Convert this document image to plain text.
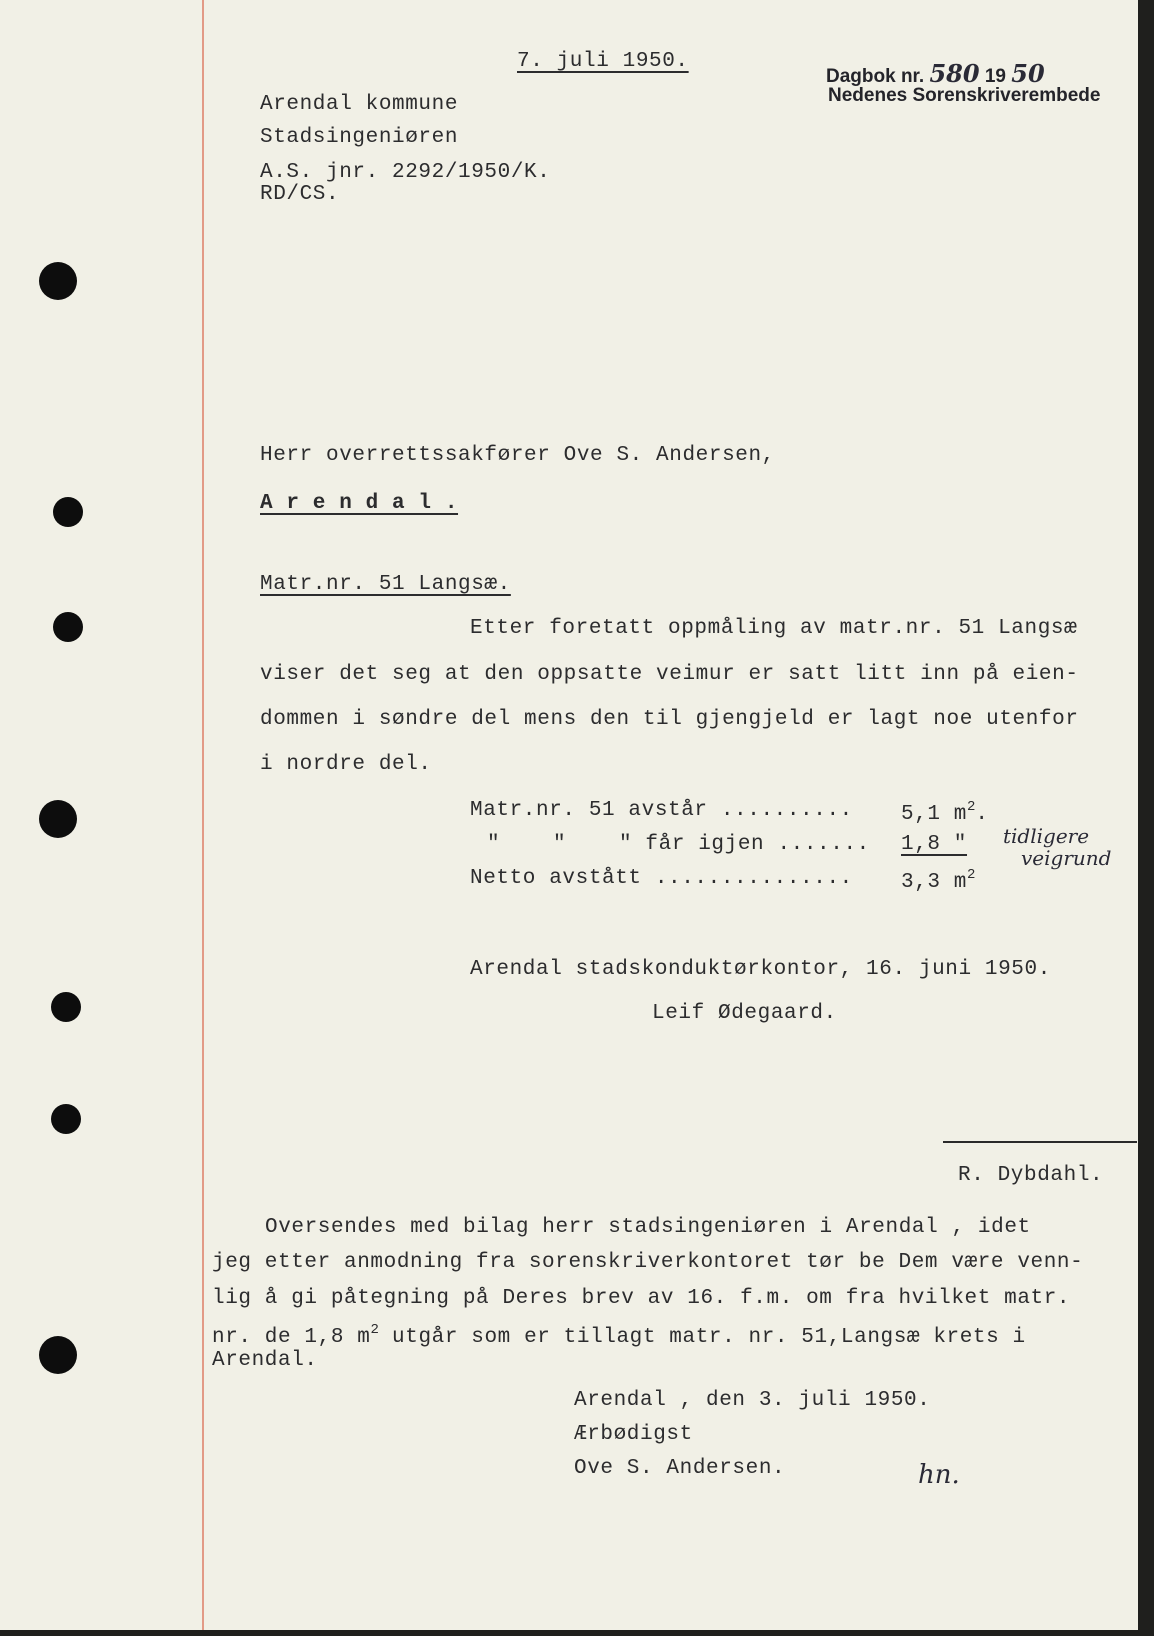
7. juli 1950.
Arendal kommune
Stadsingeniøren
A.S. jnr. 2292/1950/K.
RD/CS.
Dagbok nr. 580 19 50
Nedenes Sorenskriverembede
Herr overrettssakfører Ove S. Andersen,
A r e n d a l .
Matr.nr. 51 Langsæ.
Etter foretatt oppmåling av matr.nr. 51 Langsæ
viser det seg at den oppsatte veimur er satt litt inn på eien-
dommen i søndre del mens den til gjengjeld er lagt noe utenfor
i nordre del.
Matr.nr. 51 avstår .......... 5,1 $m^2$.
"    "    " får igjen ....... 1,8 " tidligere
veigrund
Netto avstått ............... 3,3 $m^2$
Arendal stadskonduktørkontor, 16. juni 1950.
Leif Ødegaard.
R. Dybdahl.
Oversendes med bilag herr stadsingeniøren i Arendal , idet
jeg etter anmodning fra sorenskriverkontoret tør be Dem være venn-
lig å gi påtegning på Deres brev av 16. f.m. om fra hvilket matr.
nr. de 1,8 $m^2$ utgår som er tillagt matr. nr. 51,Langsæ krets i
Arendal.
Arendal , den 3. juli 1950.
Ærbødigst
Ove S. Andersen.	hn.
